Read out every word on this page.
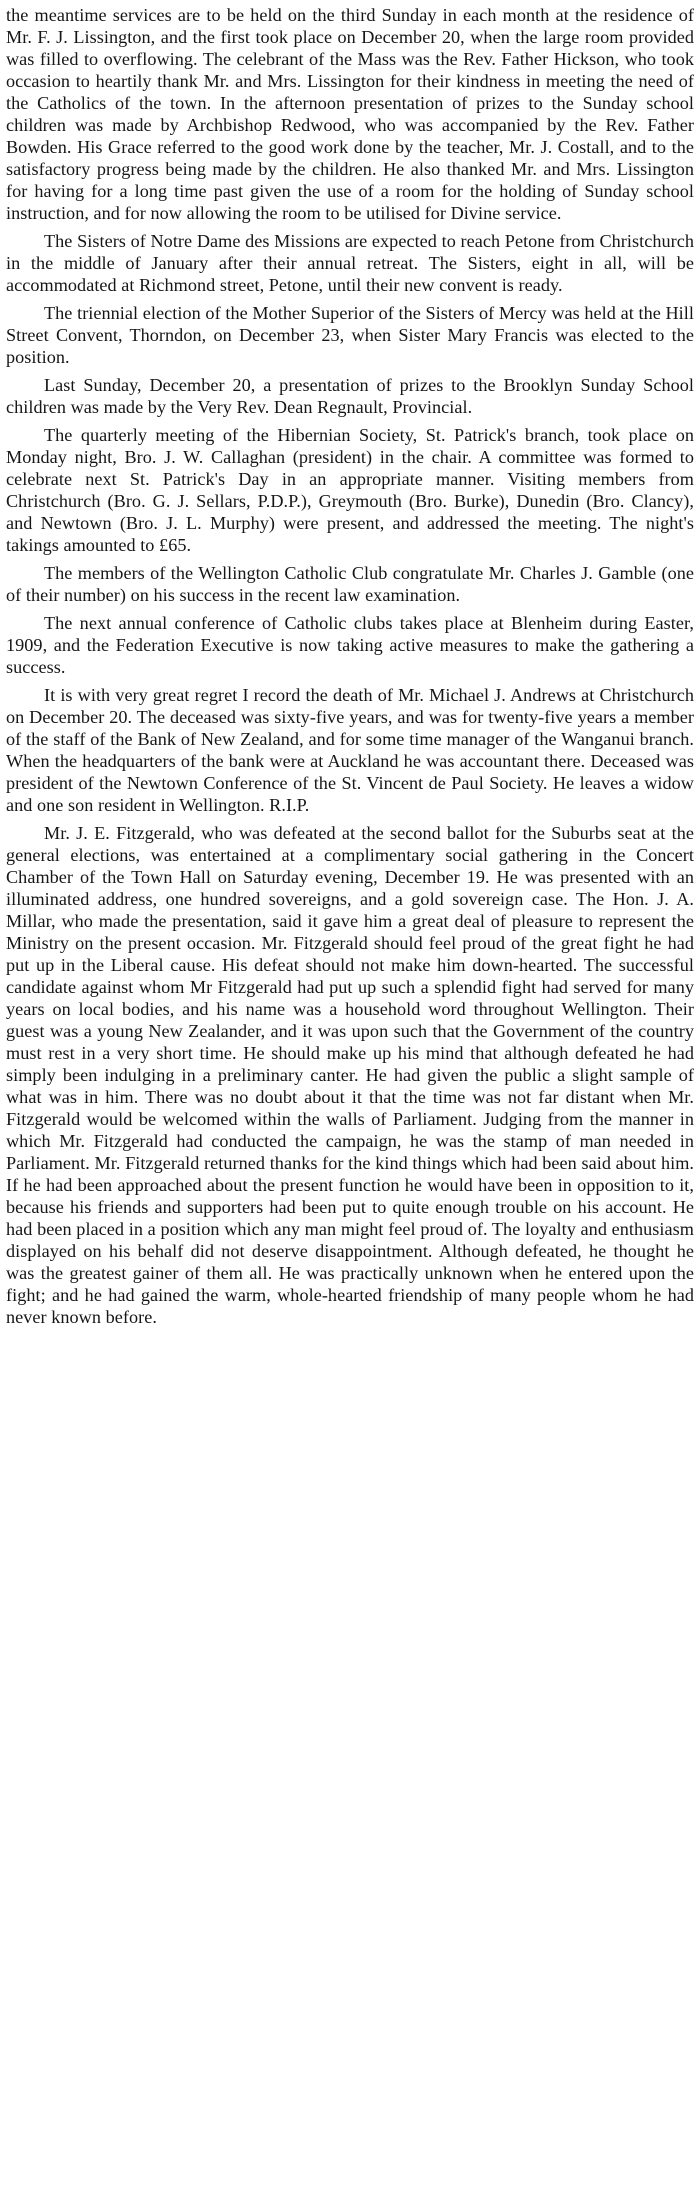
the meantime services are to be held on the third Sunday in each month at the residence of Mr. F. J. Lissington, and the first took place on December 20, when the large room provided was filled to overflowing. The celebrant of the Mass was the Rev. Father Hickson, who took occasion to heartily thank Mr. and Mrs. Lissington for their kindness in meeting the need of the Catholics of the town. In the afternoon presentation of prizes to the Sunday school children was made by Archbishop Redwood, who was accompanied by the Rev. Father Bowden. His Grace referred to the good work done by the teacher, Mr. J. Costall, and to the satisfactory progress being made by the children. He also thanked Mr. and Mrs. Lissington for having for a long time past given the use of a room for the holding of Sunday school instruction, and for now allowing the room to be utilised for Divine service.

The Sisters of Notre Dame des Missions are expected to reach Petone from Christchurch in the middle of January after their annual retreat. The Sisters, eight in all, will be accommodated at Richmond street, Petone, until their new convent is ready.

The triennial election of the Mother Superior of the Sisters of Mercy was held at the Hill Street Convent, Thorndon, on December 23, when Sister Mary Francis was elected to the position.

Last Sunday, December 20, a presentation of prizes to the Brooklyn Sunday School children was made by the Very Rev. Dean Regnault, Provincial.

The quarterly meeting of the Hibernian Society, St. Patrick's branch, took place on Monday night, Bro. J. W. Callaghan (president) in the chair. A committee was formed to celebrate next St. Patrick's Day in an appropriate manner. Visiting members from Christchurch (Bro. G. J. Sellars, P.D.P.), Greymouth (Bro. Burke), Dunedin (Bro. Clancy), and Newtown (Bro. J. L. Murphy) were present, and addressed the meeting. The night's takings amounted to £65.

The members of the Wellington Catholic Club congratulate Mr. Charles J. Gamble (one of their number) on his success in the recent law examination.

The next annual conference of Catholic clubs takes place at Blenheim during Easter, 1909, and the Federation Executive is now taking active measures to make the gathering a success.

It is with very great regret I record the death of Mr. Michael J. Andrews at Christchurch on December 20. The deceased was sixty-five years, and was for twenty-five years a member of the staff of the Bank of New Zealand, and for some time manager of the Wanganui branch. When the headquarters of the bank were at Auckland he was accountant there. Deceased was president of the Newtown Conference of the St. Vincent de Paul Society. He leaves a widow and one son resident in Wellington. R.I.P.

Mr. J. E. Fitzgerald, who was defeated at the second ballot for the Suburbs seat at the general elections, was entertained at a complimentary social gathering in the Concert Chamber of the Town Hall on Saturday evening, December 19. He was presented with an illuminated address, one hundred sovereigns, and a gold sovereign case. The Hon. J. A. Millar, who made the presentation, said it gave him a great deal of pleasure to represent the Ministry on the present occasion. Mr. Fitzgerald should feel proud of the great fight he had put up in the Liberal cause. His defeat should not make him down-hearted. The successful candidate against whom Mr Fitzgerald had put up such a splendid fight had served for many years on local bodies, and his name was a household word throughout Wellington. Their guest was a young New Zealander, and it was upon such that the Government of the country must rest in a very short time. He should make up his mind that although defeated he had simply been indulging in a preliminary canter. He had given the public a slight sample of what was in him. There was no doubt about it that the time was not far distant when Mr. Fitzgerald would be welcomed within the walls of Parliament. Judging from the manner in which Mr. Fitzgerald had conducted the campaign, he was the stamp of man needed in Parliament. Mr. Fitzgerald returned thanks for the kind things which had been said about him. If he had been approached about the present function he would have been in opposition to it, because his friends and supporters had been put to quite enough trouble on his account. He had been placed in a position which any man might feel proud of. The loyalty and enthusiasm displayed on his behalf did not deserve disappointment. Although defeated, he thought he was the greatest gainer of them all. He was practically unknown when he entered upon the fight; and he had gained the warm, whole-hearted friendship of many people whom he had never known before.
